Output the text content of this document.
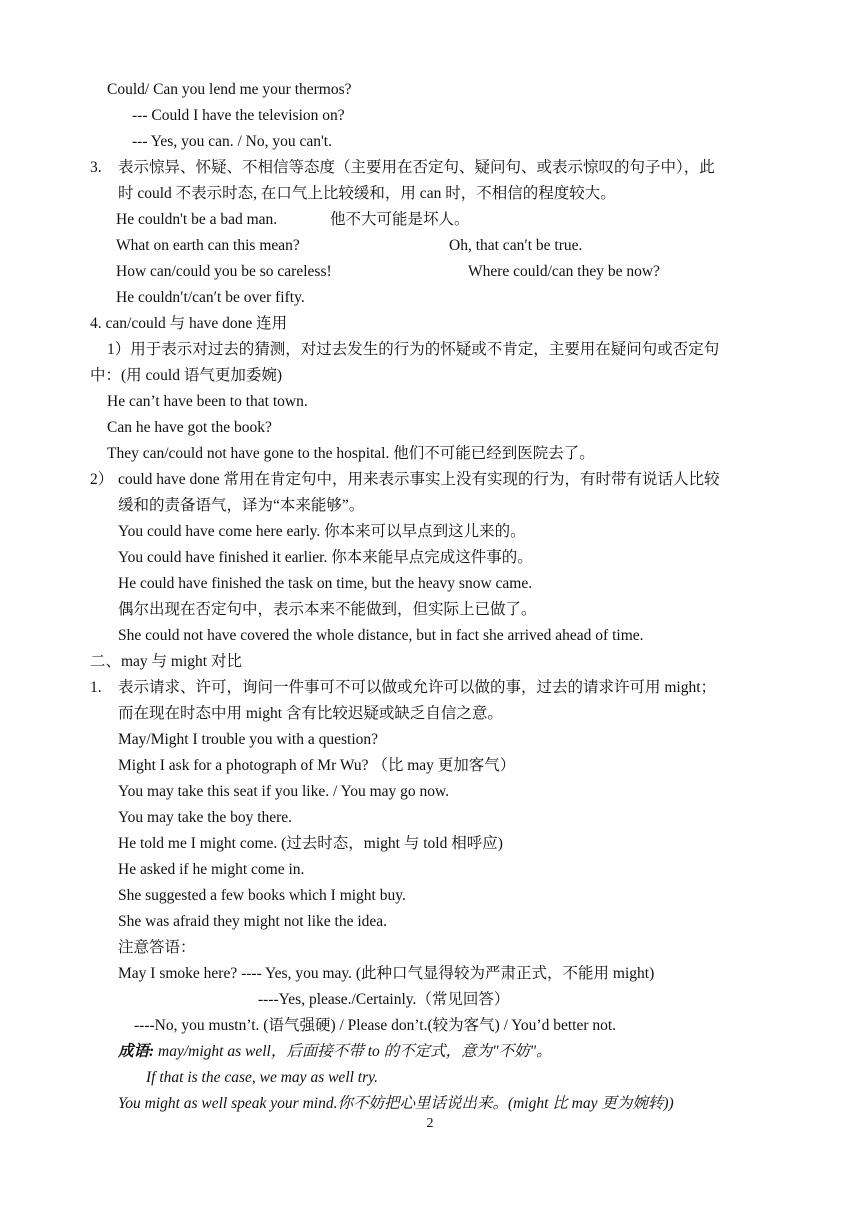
Could/ Can you lend me your thermos?
--- Could I have the television on?
--- Yes, you can. / No, you can't.
3. 表示惊异、怀疑、不相信等态度（主要用在否定句、疑问句、或表示惊叹的句子中），此
时 could 不表示时态, 在口气上比较缓和，用 can 时，不相信的程度较大。
He couldn't be a bad man.	他不大可能是坏人。
What on earth can this mean?	Oh, that can′t be true.
How can/could you be so careless!	Where could/can they be now?
He couldn′t/can′t be over fifty.
4. can/could 与 have done 连用
1）用于表示对过去的猜测，对过去发生的行为的怀疑或不肯定，主要用在疑问句或否定句
中：(用 could 语气更加委婉)
He can’t have been to that town.
Can he have got the book?
They can/could not have gone to the hospital. 他们不可能已经到医院去了。
2） could have done 常用在肯定句中，用来表示事实上没有实现的行为，有时带有说话人比较
缓和的责备语气，译为“本来能够”。
You could have come here early. 你本来可以早点到这儿来的。
You could have finished it earlier. 你本来能早点完成这件事的。
He could have finished the task on time, but the heavy snow came.
偶尔出现在否定句中，表示本来不能做到，但实际上已做了。
She could not have covered the whole distance, but in fact she arrived ahead of time.
二、may 与 might 对比
1. 表示请求、许可，询问一件事可不可以做或允许可以做的事，过去的请求许可用 might；
而在现在时态中用 might 含有比较迟疑或缺乏自信之意。
May/Might I trouble you with a question?
Might I ask for a photograph of Mr Wu? （比 may 更加客气）
You may take this seat if you like. / You may go now.
You may take the boy there.
He told me I might come. (过去时态，might 与 told 相呼应)
He asked if he might come in.
She suggested a few books which I might buy.
She was afraid they might not like the idea.
注意答语：
May I smoke here? ---- Yes, you may. (此种口气显得较为严肃正式，不能用 might)
----Yes, please./Certainly.（常见回答）
----No, you mustn’t. (语气强硬) / Please don’t.(较为客气) / You’d better not.
成语: may/might as well，后面接不带 to 的不定式，意为"不妨"。
If that is the case, we may as well try.
You might as well speak your mind.你不妨把心里话说出来。(might 比 may 更为婉转))
2
